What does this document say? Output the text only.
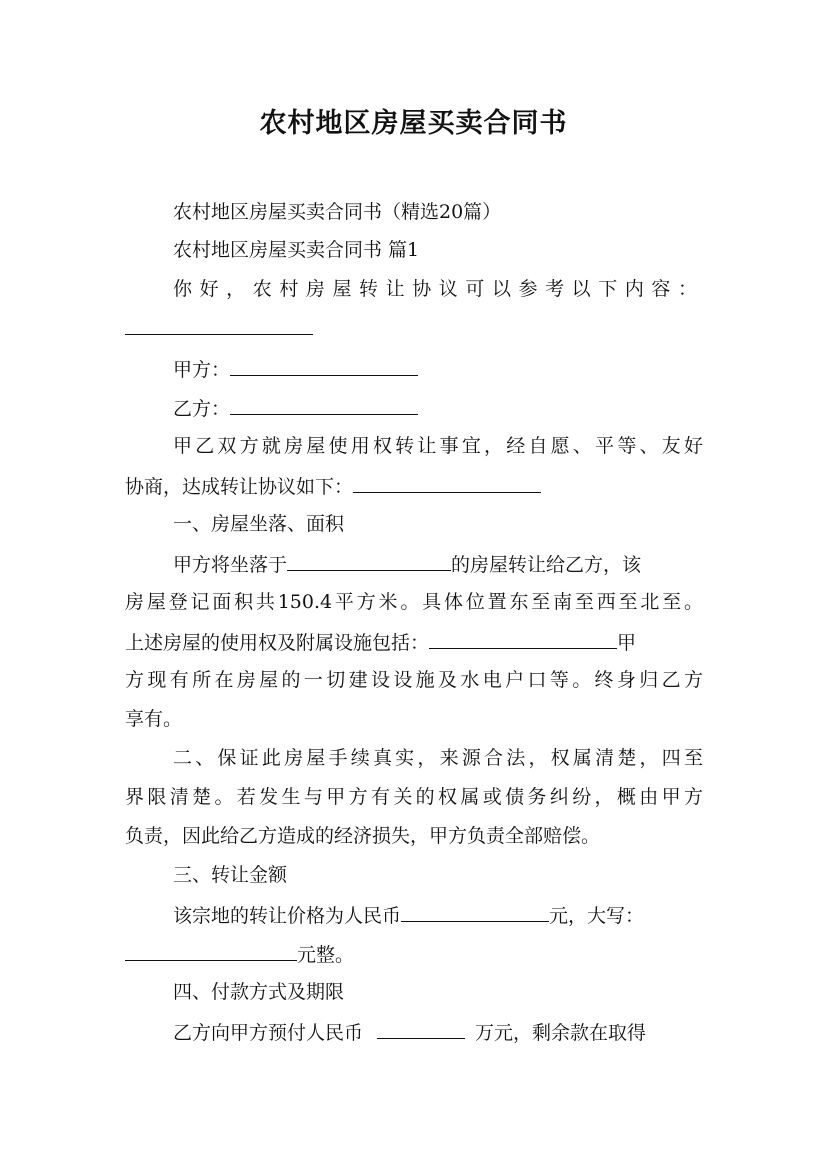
农村地区房屋买卖合同书
农村地区房屋买卖合同书（精选20篇）
农村地区房屋买卖合同书 篇1
你好，农村房屋转让协议可以参考以下内容：
甲方：
乙方：
甲乙双方就房屋使用权转让事宜，经自愿、平等、友好
协商，达成转让协议如下：
一、房屋坐落、面积
甲方将坐落于	的房屋转让给乙方，该
房屋登记面积共150.4平方米。具体位置东至南至西至北至。
上述房屋的使用权及附属设施包括：	甲
方现有所在房屋的一切建设设施及水电户口等。终身归乙方
享有。
二、保证此房屋手续真实，来源合法，权属清楚，四至
界限清楚。若发生与甲方有关的权属或债务纠纷，概由甲方
负责，因此给乙方造成的经济损失，甲方负责全部赔偿。
三、转让金额
该宗地的转让价格为人民币	元，大写：
元整。
四、付款方式及期限
乙方向甲方预付人民币	万元，剩余款在取得
